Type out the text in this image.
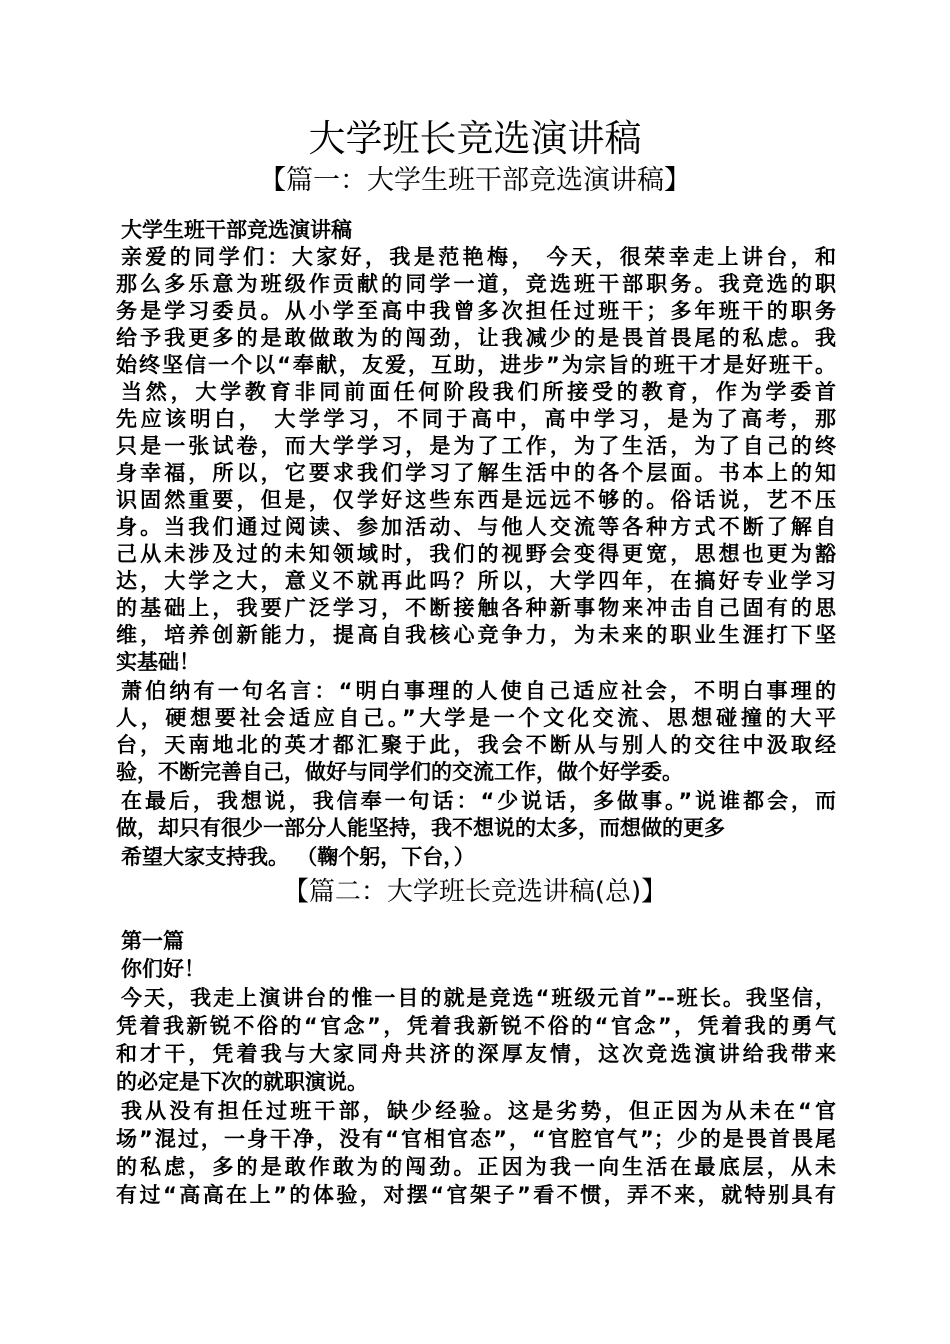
大学班长竞选演讲稿
【篇一：大学生班干部竞选演讲稿】
大学生班干部竞选演讲稿
亲爱的同学们：大家好，我是范艳梅， 今天，很荣幸走上讲台，和
那么多乐意为班级作贡献的同学一道，竞选班干部职务。我竞选的职
务是学习委员。从小学至高中我曾多次担任过班干；多年班干的职务
给予我更多的是敢做敢为的闯劲，让我减少的是畏首畏尾的私虑。我
始终坚信一个以“奉献，友爱，互助，进步”为宗旨的班干才是好班干。
当然，大学教育非同前面任何阶段我们所接受的教育，作为学委首
先应该明白， 大学学习，不同于高中，高中学习，是为了高考，那
只是一张试卷，而大学学习，是为了工作，为了生活，为了自己的终
身幸福，所以，它要求我们学习了解生活中的各个层面。书本上的知
识固然重要，但是，仅学好这些东西是远远不够的。俗话说，艺不压
身。当我们通过阅读、参加活动、与他人交流等各种方式不断了解自
己从未涉及过的未知领域时，我们的视野会变得更宽，思想也更为豁
达，大学之大，意义不就再此吗？所以，大学四年，在搞好专业学习
的基础上，我要广泛学习，不断接触各种新事物来冲击自己固有的思
维，培养创新能力，提高自我核心竞争力，为未来的职业生涯打下坚
实基础！
萧伯纳有一句名言：“明白事理的人使自己适应社会，不明白事理的
人，硬想要社会适应自己。”大学是一个文化交流、思想碰撞的大平
台，天南地北的英才都汇聚于此，我会不断从与别人的交往中汲取经
验，不断完善自己，做好与同学们的交流工作，做个好学委。
在最后，我想说，我信奉一句话：“少说话，多做事。”说谁都会，而
做，却只有很少一部分人能坚持，我不想说的太多，而想做的更多
希望大家支持我。 （鞠个躬，下台，）
【篇二：大学班长竞选讲稿(总)】
第一篇
你们好！
今天，我走上演讲台的惟一目的就是竞选“班级元首”--班长。我坚信，
凭着我新锐不俗的“官念”，凭着我新锐不俗的“官念”，凭着我的勇气
和才干，凭着我与大家同舟共济的深厚友情，这次竞选演讲给我带来
的必定是下次的就职演说。
我从没有担任过班干部，缺少经验。这是劣势，但正因为从未在“官
场”混过，一身干净，没有“官相官态”，“官腔官气”；少的是畏首畏尾
的私虑，多的是敢作敢为的闯劲。正因为我一向生活在最底层，从未
有过“高高在上”的体验，对摆“官架子”看不惯，弄不来，就特别具有
